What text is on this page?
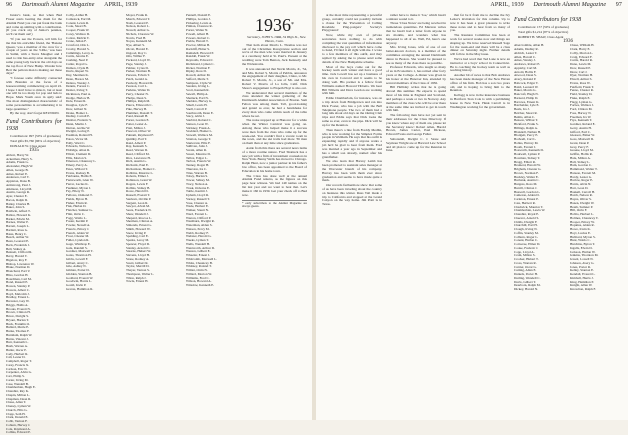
96 Dartmouth Alumni Magazine APRIL, 1939

Junior's bank, so that when Bud Fraser starts beating the drum for the Alumni Fund you can put freak the bank and come up smiling with a contribution. (If you crack any of Junior's pennies, we'll cut them out!)

"If you see the Powers, tell him for me that his erstwhile friend, the 'Banana Queen,' was a member of the crew for a couple of years on the 'Lillie,' was here in Sumit, with a Steve Meagher and I used to ride bus-entry-wise alongside the same young lady back in the old days on the top floor of New Hamp. Wonder how Bert the pelican man is making out these days?

"I foresee some difficulty connected with Brendan at the focus of a housewarming commencing on April 22. I hope I don't have to miss it, but at least one will be too many for pop and lads to Hope. Mark Youth once in aptly said: The most distinguished characteristic of some personalities is accumulating it in large quantities."

By the way, don't forget REUNION.

Fund Contributors for 1938

Contributors: 997 (50% of graduates)

Total gifts $5,760 (96% of objective)

DONALD W. Class Agent

1935
Abbott, Harry W.
Ackerman, Harry S.
Adams, Frank G.
Alexander, Hugh W.
Allen, George B.
Ames, Robert E.
Anderson, Carl T.
Appleton, Dana B.
Armstrong, Paul J.
Atkinson, Lloyd M.
Austin, George R.
Ayer, Chester E.
Bacon, Ralph D.
Bailey, Charles H.
Baker, John S.
Baldwin, Alfred T.
Ballou, Howard K.
Barker, Edwin M.
Barnes, Walter P.
Barrett, Joseph L.
Bartlett, Ross G.
Bates, Henry C.
Beach, Arthur W.
Bean, Leonard E.
Beck, Frederick J.
Bell, Sidney A.
Bennett, Clifford R.
Berry, Harold T.
Bigelow, Roy F.
Bishop, Lawrence W.
Blake, Norman D.
Blanchard, Earl V.
Bliss, Gordon H.
Boardman, Carl M.
Bond, Russell E.
Bowen, Stanley P.
Bowers, Albert C.
Boyd, Malcolm J.
Bradley, Ernest L.
Brewster, Guy W.
Briggs, Hollis A.
Brooks, Everett N.
Brown, Clinton H.
Bruce, Dwight S.
Bryant, Harlan T.
Buck, Franklin O.
Bullard, Merle E.
Burke, Thomas F.
Burnham, Ralph W.
Burns, Vincent J.
Burr, Kenneth L.
Bush, Warren A.
Butler, Oscar P.
Cady, Herbert R.
Call, Lester D.
Campbell, Roger T.
Carey, Francis X.
Carlson, Eric N.
Carpenter, Alvin G.
Carr, Philip S.
Carter, Irving M.
Case, Wendell B.
Chamberlain, Hugh E.
Chandler, Ray K.
Chapin, Milton L.
Chapman, Dean R.
Chase, Allen T.
Cheney, Lyman W.
Church, Ellis G.
Clapp, Seth H.
Clark, Donald E.
Cobb, Vernon F.
Coburn, Harvey J.
Cole, Raymond A.
Collins, Edward P.
Colby, Arthur H.
Comstock, Earl M.
Conant, Lewis R.
Cook, Stuart B.
Cooper, Frank W.
Corey, Wallace D.
Cotton, Melvin T.
Crane, Julian F.
Crawford, Otis L.
Crosby, Harold S.
Cummings, Leroy A.
Curtis, Jerome E.
Cushing, Neal P.
Cutler, Royal G.
Damon, Clyde H.
Davis, Rupert W.
Day, Sherman K.
Dean, Horace M.
Delano, Wesley J.
Dennis, Forrest C.
Dexter, Irving T.
Dickinson, Paul A.
Dodge, Harlow B.
Dole, Ernest R.
Douglas, Lyle F.
Dow, Gilbert N.
Drake, Homer L.
Dudley, Carroll E.
Dunbar, Frederic S.
Dunn, Martin J.
Dutton, Archie W.
Dwight, Loring P.
Eastman, Roland H.
Eaton, Victor M.
Eddy, Ward C.
Edwards, Nelson G.
Eldridge, Alton R.
Elliott, Clement D.
Ellis, Morton S.
Emerson, Chauncey L.
Emery, Percy A.
Estes, Willard T.
Evans, Rodney B.
Fairbanks, Hollis E.
Farnsworth, Glen W.
Farrar, Lucius K.
Faulkner, Myron J.
Fay, Ellery N.
Fellows, Osmond T.
Fields, Byron H.
Fisher, Elwin R.
Fisk, Harlan D.
Fletcher, Sumner G.
Flint, Orrin C.
Fogg, Waldo L.
Foster, Kermit P.
Fowler, Newell A.
Francis, Emory J.
French, Alden W.
Frost, Chester M.
Fuller, Lyndon R.
Gage, Winthrop E.
Gale, Randall S.
Gardner, Maxwell T.
Gates, Thornton H.
Gibbs, Lowell F.
Gilbert, Avery C.
Gile, Ashley N.
Gilman, Porter D.
Glidden, Stanton B.
Goddard, Everett W.
Goodwin, Harris L.
Gould, Irwin P.
Graves, Hamilton R.
Moyer, Frank R.
Murch, Edward T.
Nash, Leonard P.
Nelson, Robert L.
Newell, Arthur G.
Nichols, Clarence W.
Norris, Fred H.
Noyes, Kenneth M.
Nye, Albert S.
Olcott, Harold E.
Osgood, Roy C.
Otis, Wilbur F.
Packard, Lloyd W.
Page, Stanley J.
Palmer, Cyrus D.
Parker, Norman B.
Parsons, Edwin T.
Patch, Gerald A.
Peabody, Howard R.
Pearson, Carl L.
Perkins, Walter D.
Perry, Chester N.
Phelps, Dean S.
Phillips, Ralph M.
Pierce, Ellsworth C.
Pike, Harvey B.
Plummer, Donald T.
Pond, Russell H.
Porter, Gordon E.
Potter, Lester A.
Pratt, Milton J.
Prescott, Oliver W.
Putnam, Raymond F.
Quimby, Earl T.
Rand, Albert P.
Ray, Kenneth S.
Read, Warren D.
Reed, Clifford M.
Rice, Lawrence H.
Rich, Austin G.
Richards, Paul E.
Richardson, Homer C.
Robbins, Maurice L.
Roberts, Elmer J.
Robinson, Grant W.
Rogers, Lewis F.
Rollins, Sidney B.
Rowe, Harold D.
Russell, Everett T.
Sanborn, Orville P.
Sargent, Leon R.
Sawyer, Alvah M.
Sears, Frederick N.
Shaw, Wendell J.
Shepard, Roscoe L.
Sherman, Clinton A.
Simonds, Ernest G.
Smith, Howard W.
Snow, Irving P.
Spalding, Carl E.
Sparks, Leroy M.
Spencer, Floyd D.
Stanley, Arnold C.
Stearns, Hubert W.
Stevens, Lloyd H.
Stone, Rodney A.
Swett, Gilbert R.
Taylor, Merrill D.
Thayer, Vernon S.
Thompson, Walter L.
Tilton, Ralph J.
Towle, Ernest H.
Pennell, Donald E.
Phillips, Gordon J.
Pickering, Lewis A.
Pitman, Clarence R.
Porter, Walter N.
Powell, Albert H.
Powers, Robert C.
Preble, Harold T.
Proctor, Milton B.
Rackliff, Elmer S.
Ramsdell, Howard P.
Randall, Frank W.
Reynolds, Edward J.
Richmond, Lyman C.
Ricker, Norman F.
Ripley, Ross D.
Rowell, Arthur M.
Safford, Merle T.
Sampson, Clyde W.
Sanders, Irving L.
Scott, Kenneth R.
Sewall, Philip A.
Shattuck, Earl N.
Sheldon, Harvey G.
Small, Lewis H.
Snell, Carroll P.
Southworth, Dean E.
Stacy, Alvin J.
Starbird, Roland C.
Stetson, Leon W.
Stickney, Frank A.
Stoddard, Homer L.
Stowell, Wallace M.
Stratton, George T.
Sturtevant, Ellis F.
Sullivan, John J.
Swain, Allen R.
Sweet, Maurice D.
Talbot, Edgar L.
Tarbox, Francis W.
Tenney, Roger H.
Thurston, Ira C.
Titus, Warren B.
Tobey, Harlan S.
Tower, Sidney M.
Tracy, Nelson A.
Trask, Osborne E.
Tuttle, Kermit J.
Upham, Lloyd R.
Varney, Russell T.
Vose, Chester A.
Wade, Herbert E.
Walker, Stuart N.
Ward, Everett L.
Warren, Clifford P.
Washburn, Dwight R.
Waterman, Alden S.
Watson, Percy M.
Webb, Rodney F.
Webster, Harold G.
Weeks, Lyman T.
Wells, Wendell H.
Wentworth, Arthur D.
Weston, Gilbert E.
Wheeler, Ernest J.
Whitcomb, Maxwell L.
White, Chauncey B.
Whitney, Roland T.
Wilder, Orrin N.
Willard, Morton W.
Williams, Fred C.
Wilson, Howard A.
Winslow, Kenneth E.
1936*

Secretary, JOHN S. ORR, 34 High St., New Haven, Conn.

That item about Morris L. Thomas was not out of the Christmas Rotogravure section and we're of the men who were married in January at a ceremony held at St. Paul's. Present at the wedding were Tom Benton, Jack Kennedy and the Wickstroms.

It was announced that Nevin Morris, Jr., '34, and Mrs. Robert S. Morris of Pebble, announce the engagement of their daughter, Claire, to Mr. Robert V. Morris, Jr., a son of Mr. and Mrs. Robert V. Morris of La Jolla, Calif. Dick Shore's engagement to Elspeth Hoyt is also out.

We understand that several members of the class attended the winter gathering of the Dartmouth Alumni Association of Boston. Sam Felton was among them. Tall, good-looking and genial as ever, he had a handshake for every man who came within reach of the table where he sat.

The noise stopped up at Hanover for a while when the Winter Carnival was going on. Among those who helped make it a success were men from the class who came up for the week-end. You couldn't find a vacant room in the town, and the ski trails had more '36 men on them than at any time since graduation.

Aside from this there are several news items of a more routine nature. Fred Shattuck has a new job with a firm of investment counselors in New York. Benny Wells has moved to Chicago. Ralph Hunt, now a junior partner in his father's law office, has been appointed to the Board of Education in his home town.

The Class has done well at the annual Alumni Fund returns, as the figures on this page bear witness. We had 149 names on the list last year and we want to beat that. Let's make it 160 in 1939. Get your check off to Bud now.

* early subscribers to the Alumni Magazine are always guests.
APRIL, 1939 Dartmouth Alumni Magazine 97

at the most time representing a powerful group, certainly could not possibly include a clause for the 'Prevention of Calling Roadside Ping-pongers' Society's Playground.'

Now, while my own of private secretaries have nothing to do with compiling the vast quantities of information disclosed to the pay roll which have come to hand, I'll find it all right with me. I wrote to a few members of this outfit, and they replied by asking me to please send some details of the New Hampshire scheme.

Most of the boys come out for the hockey team each winter and have a good time. Jack Lowell has set up a business of his own in Concord and it seems to be doing well. His partner is a fellow from Williams named Howard Tibbetts. We hear Bill Tibbetts and Dave Gordon are working with him.

Eddie Chamberlain, for instance, was on a trip down from Bridgetown and ran into Dick Foster, who has a job with the Bell Telephone people. The two of them had a long talk about old days on the Outing Club trips and Eddie says that Dick looks the same as ever, even to the pipe. Dick will be up for the Reunion.

Then there's a line from Freddy Medlin, who is now working for the Simplex Forms people in Waltham. He says that his outfit is expanding rapidly and if anyone wants a job he'd be glad to hear from them. Fred was married a year ago in September and has a small son already, named after his grandfather.

We also learn that Harvey Lamb has been promoted to assistant sales manager at the Worcester branch of his company. Harvey has been with them ever since graduation and seems to have made quite a mark.

Our records furthermore show that some of us have been traveling about the country on business this winter. Russ Vail made a trip to California and stopped at the Grand Canyon on the way home. Jim Pratt is in Texas.

rather have to make it 'Joe,' which hasn't a sinister sound to it.

Those 'Class Notes' are being received in tremendous quantities. Ed Marston writes that he hasn't had a letter from anyone in six months, and wonders what has happened to all of us. Well, Ed, here's one anyway.

Mrs. Irving Jones, wife of one of our better-known doctors, is a member of the committee arranging the annual Dartmouth dance in Boston. She would be pleased to see as many of the class there as possible.

Professor Edwards, who taught so many of us in Economics 1, has retired after forty years at the College. A dinner was given in his honor at the Hanover Inn, attended by several members of the Class of 1936.

Bill Halliday writes that he is going abroad this summer. He expects to spend most of his time in England and Scotland, and perhaps a week or two in Norway. Any members of the class who will be over there at the same time are invited to get in touch with him.

The following men have not yet sent in their addresses for the Class Directory. If you know where any of them are, please let the Secretary know: Robert Allen, Harold Brown, James Carter, Paul Dickson, Edward Evans and George Fuller.

Saltonstall, Dwight C. J. Stone and Seymour Wright are at Harvard Law School and all plan to come up for the Reunion in June.

that far be it from me to decline the Ivy Letter's invitation for this column. Up to now it has been a great pleasure to write these notes and to hear from so many of you.

The Reunion Committee has been at work for several weeks now and things are shaping up. We have reserved Russell Sage for the week-end and there will be a class dinner on Saturday night. Further details will follow in the May issue.

We've had word that Ted Lane is now an instructor at a boys' school in Connecticut. He is coaching the hockey team as well as teaching history.

Another bit of news is that Bob Andrews has been made manager of the New Haven office of his firm. Bob has a son two years old, and is hoping to bring him to the Reunion.

Kellogg is now in the insurance business in Hartford. Stan Cole is with a publishing house in New York. Hank Carroll is in Washington working for the government.

Fund Contributors for 1938

Contributors: 157 (59% of graduates)

Total gifts $1,214 (97% of objective)

ROBERT H. SHAW, Class Agent

1936
Abercrombie, Allan H.
Adams, Dudley R.
Aldrich, Lester T.
Allen, Harold C.
Ames, Wesley J.
Andrews, Robert E.
Appleby, Carl M.
Arnold, Hollis F.
Atwood, Dean S.
Avery, Roland P.
Babcock, Edgar T.
Baird, Leonard W.
Baker, Morris G.
Bancroft, Hugh N.
Barnard, Philip D.
Barrows, Ernest K.
Batchelder, Lyle E.
Beals, Ira J.
Belcher, Stuart R.
Bemis, Allan C.
Benson, Wilbur T.
Bickford, Frank S.
Billings, Ralph A.
Blaisdell, Nathan H.
Blodgett, Percy E.
Bodwell, Carl L.
Bolles, Harvey M.
Booth, Everett J.
Bosworth, Kenneth D.
Boutwell, Lyman P.
Bowman, Sidney T.
Bragg, Elliott R.
Brainerd, Harold W.
Brigham, Chester G.
Brown, Norman F.
Buckley, Walter E.
Burbank, Austin C.
Burgess, Ross M.
Burrill, Clinton J.
Buswell, Gordon L.
Cameron, Alden D.
Carleton, Ernest P.
Cate, Herbert R.
Chadwick, Maurice T.
Chamberlain, Lewis W.
Chandler, Royal E.
Cheever, Arnold S.
Childs, Dwight F.
Churchill, Earl H.
Clough, Irving N.
Coffin, Stanley M.
Colburn, Roger L.
Conant, Harlan C.
Converse, Elmer D.
Cooke, Frederic J.
Copp, Lloyd A.
Cram, Milton S.
Crocker, Hubert T.
Cross, Warren R.
Currier, Oscar G.
Cutting, Allen E.
Daniels, Porter H.
Darling, Wendell C.
Davis, Gilbert T.
Dearborn, Ralph M.
Dickey, Harold N.
Chase, William H.
Clark, Harry E.
Colby, Morton L.
Craig, Edward F.
Curtis, Harold R.
Dana, Lewis M.
Dow, Russell P.
Drew, Carl J.
Dyer, Norman H.
Elwell, Arthur S.
Evans, Ross W.
Fairfield, Frank T.
Fenno, Chester R.
Field, Stanley D.
Fiske, Ralph E.
Flagg, Lyman G.
Forbes, Wallace J.
Ford, Clinton M.
Foss, Harvey N.
Freeman, Ira W.
Frye, Kenneth T.
Gardner, Roland E.
Gerry, Austin H.
Gifford, Earl C.
Gleason, Elmer W.
Goss, Maxwell D.
Grant, Dean P.
Gray, Percy F.
Greene, Lloyd M.
Griffin, Hollis R.
Hale, Milton A.
Hall, Sidney L.
Ham, Gordon C.
Hammond, Walter T.
Hanson, Everett M.
Hardy, Lester G.
Harlow, Roger E.
Harris, Alvin N.
Hart, Leon D.
Haskell, Carroll H.
Hatch, Nelson R.
Hayes, Oliver S.
Hazen, Dwight W.
Heath, Sumner P.
Hill, Orrin F.
Hobbs, Herbert L.
Holmes, Chauncey T.
Hooper, Emory W.
Hopkins, Alden R.
Howe, Irwin K.
Hoyt, Lucius E.
Hubbard, Myron S.
Hunt, Waldo C.
Hutchins, Byron T.
Ingalls, Elwin D.
Jackson, Harlan W.
Jenkins, Thornton M.
Jewett, Lowell N.
Johnson, Avery G.
Jones, Porter R.
Kelley, Stanton E.
Kendall, Everett L.
Kimball, Harris J.
King, Hamilton P.
Knight, Allan W.
Knowlton, Ralph F.
